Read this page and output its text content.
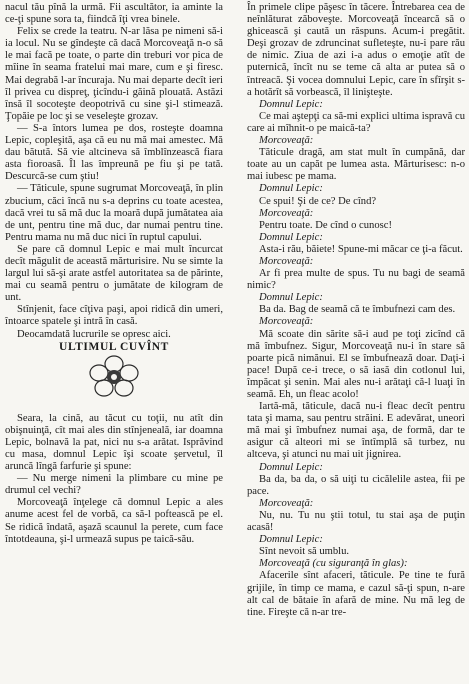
nacul tău pînă la urmă. Fii ascultător, ia aminte la ce-ţi spune sora ta, fiindcă îţi vrea binele.

Felix se crede la teatru. N-ar lăsa pe nimeni să-i ia locul. Nu se gîndeşte că dacă Morcoveaţă n-o să le mai facă pe toate, o parte din treburi vor pica de mîine în seama fratelui mai mare, cum e şi firesc. Mai degrabă l-ar încuraja. Nu mai departe decît ieri îl privea cu dispreţ, ţicîndu-i găină plouată. Astăzi însă îl socoteşte deopotrivă cu sine şi-l stimează. Ţopăie pe loc şi se veseleşte grozav.

— S-a întors lumea pe dos, rosteşte doamna Lepic, copleşită, aşa că eu nu mă mai amestec. Mă dau bătută. Să vie altcineva să îmblînzească fiara asta fioroasă. Îl las împreună pe fiu şi pe tată. Descurcă-se cum ştiu!

— Tăticule, spune sugrumat Morcoveaţă, în plin zbucium, căci încă nu s-a deprins cu toate acestea, dacă vrei tu să mă duc la moară după jumătatea aia de unt, pentru tine mă duc, dar numai pentru tine. Pentru mama nu mă duc nici în ruptul capului.

Se pare că domnul Lepic e mai mult încurcat decît măgulit de această mărturisire. Nu se simte la largul lui să-şi arate astfel autoritatea sa de părinte, mai cu seamă pentru o jumătate de kilogram de unt.

Stînjenit, face cîţiva paşi, apoi ridică din umeri, întoarce spatele şi intră în casă.

Deocamdată lucrurile se opresc aici.

ULTIMUL CUVÎNT

Seara, la cină, au tăcut cu toţii, nu atît din obişnuinţă, cît mai ales din stînjeneală, iar doamna Lepic, bolnavă la pat, nici nu s-a arătat. Isprăvind cu masa, domnul Lepic îşi scoate şervetul, îl aruncă lîngă farfurie şi spune:

— Nu merge nimeni la plimbare cu mine pe drumul cel vechi?

Morcoveaţă înţelege că domnul Lepic a ales anume acest fel de vorbă, ca să-l poftească pe el. Se ridică îndată, aşază scaunul la perete, cum face întotdeauna, şi-l urmează supus pe taică-său.

În primele clipe păşesc în tăcere. Întrebarea cea de neînlăturat zăboveşte. Morcoveaţă încearcă să o ghicească şi caută un răspuns. Acum-i pregătit. Deşi grozav de zdruncinat sufleteşte, nu-i pare rău de nimic. Ziua de azi i-a adus o emoţie atît de puternică, încît nu se teme că alta ar putea să o întreacă. Şi vocea domnului Lepic, care în sfîrşit s-a hotărît să vorbească, îl linişteşte.

Domnul Lepic:

Ce mai aştepţi ca să-mi explici ultima ispravă cu care ai mîhnit-o pe maică-ta?

Morcoveaţă:

Tăticule dragă, am stat mult în cumpănă, dar toate au un capăt pe lumea asta. Mărturisesc: n-o mai iubesc pe mama.

Domnul Lepic:

Ce spui! Şi de ce? De cînd?

Morcoveaţă:

Pentru toate. De cînd o cunosc!

Domnul Lepic:

Asta-i rău, băiete! Spune-mi măcar ce ţi-a făcut.

Morcoveaţă:

Ar fi prea multe de spus. Tu nu bagi de seamă nimic?

Domnul Lepic:

Ba da. Bag de seamă că te îmbufnezi cam des.

Morcoveaţă:

Mă scoate din sărite să-i aud pe toţi zicînd că mă îmbufnez. Sigur, Morcoveaţă nu-i în stare să poarte pică nimănui. El se îmbufnează doar. Daţi-i pace! După ce-i trece, o să iasă din cotlonul lui, împăcat şi senin. Mai ales nu-i arătaţi că-l luaţi în seamă. Eh, un fleac acolo!

Iartă-mă, tăticule, dacă nu-i fleac decît pentru tata şi mama, sau pentru străini. E adevărat, uneori mă mai şi îmbufnez numai aşa, de formă, dar te asigur că alteori mi se întîmplă să turbez, nu altceva, şi atunci nu mai uit jignirea.

Domnul Lepic:

Ba da, ba da, o să uiţi tu cicălelile astea, fii pe pace.

Morcoveaţă:

Nu, nu. Tu nu ştii totul, tu stai aşa de puţin acasă!

Domnul Lepic:

Sînt nevoit să umblu.

Morcoveaţă (cu siguranţă în glas):

Afacerile sînt afaceri, tăticule. Pe tine te fură grijile, în timp ce mama, e cazul să-ţi spun, n-are alt cal de bătaie în afară de mine. Nu mă leg de tine. Fireşte că n-ar tre-
